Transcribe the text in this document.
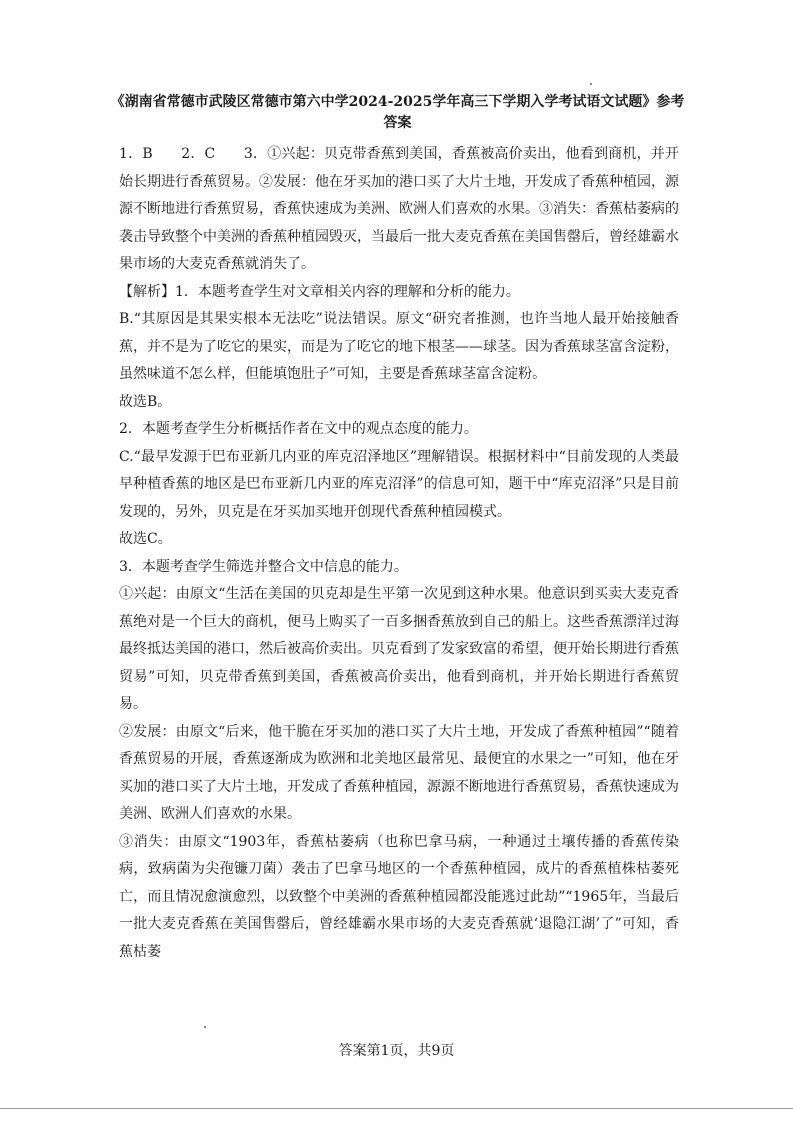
《湖南省常德市武陵区常德市第六中学2024-2025学年高三下学期入学考试语文试题》参考答案

1．B　　2．C　　3．①兴起：贝克带香蕉到美国，香蕉被高价卖出，他看到商机，并开始长期进行香蕉贸易。②发展：他在牙买加的港口买了大片土地，开发成了香蕉种植园，源源不断地进行香蕉贸易，香蕉快速成为美洲、欧洲人们喜欢的水果。③消失：香蕉枯萎病的袭击导致整个中美洲的香蕉种植园毁灭，当最后一批大麦克香蕉在美国售罄后，曾经雄霸水果市场的大麦克香蕉就消失了。

【解析】1．本题考查学生对文章相关内容的理解和分析的能力。

B.“其原因是其果实根本无法吃”说法错误。原文“研究者推测，也许当地人最开始接触香蕉，并不是为了吃它的果实，而是为了吃它的地下根茎——球茎。因为香蕉球茎富含淀粉，虽然味道不怎么样，但能填饱肚子”可知，主要是香蕉球茎富含淀粉。

故选B。

2．本题考查学生分析概括作者在文中的观点态度的能力。

C.“最早发源于巴布亚新几内亚的库克沼泽地区”理解错误。根据材料中“目前发现的人类最早种植香蕉的地区是巴布亚新几内亚的库克沼泽”的信息可知，题干中“库克沼泽”只是目前发现的，另外，贝克是在牙买加买地开创现代香蕉种植园模式。

故选C。

3．本题考查学生筛选并整合文中信息的能力。

①兴起：由原文“生活在美国的贝克却是生平第一次见到这种水果。他意识到买卖大麦克香蕉绝对是一个巨大的商机，便马上购买了一百多捆香蕉放到自己的船上。这些香蕉漂洋过海最终抵达美国的港口，然后被高价卖出。贝克看到了发家致富的希望，便开始长期进行香蕉贸易”可知，贝克带香蕉到美国，香蕉被高价卖出，他看到商机，并开始长期进行香蕉贸易。

②发展：由原文“后来，他干脆在牙买加的港口买了大片土地，开发成了香蕉种植园”“随着香蕉贸易的开展，香蕉逐渐成为欧洲和北美地区最常见、最便宜的水果之一”可知，他在牙买加的港口买了大片土地，开发成了香蕉种植园，源源不断地进行香蕉贸易，香蕉快速成为美洲、欧洲人们喜欢的水果。

③消失：由原文“1903年，香蕉枯萎病（也称巴拿马病，一种通过土壤传播的香蕉传染病，致病菌为尖孢镰刀菌）袭击了巴拿马地区的一个香蕉种植园，成片的香蕉植株枯萎死亡，而且情况愈演愈烈，以致整个中美洲的香蕉种植园都没能逃过此劫”“1965年，当最后一批大麦克香蕉在美国售罄后，曾经雄霸水果市场的大麦克香蕉就‘退隐江湖’了”可知，香蕉枯萎

答案第1页，共9页
